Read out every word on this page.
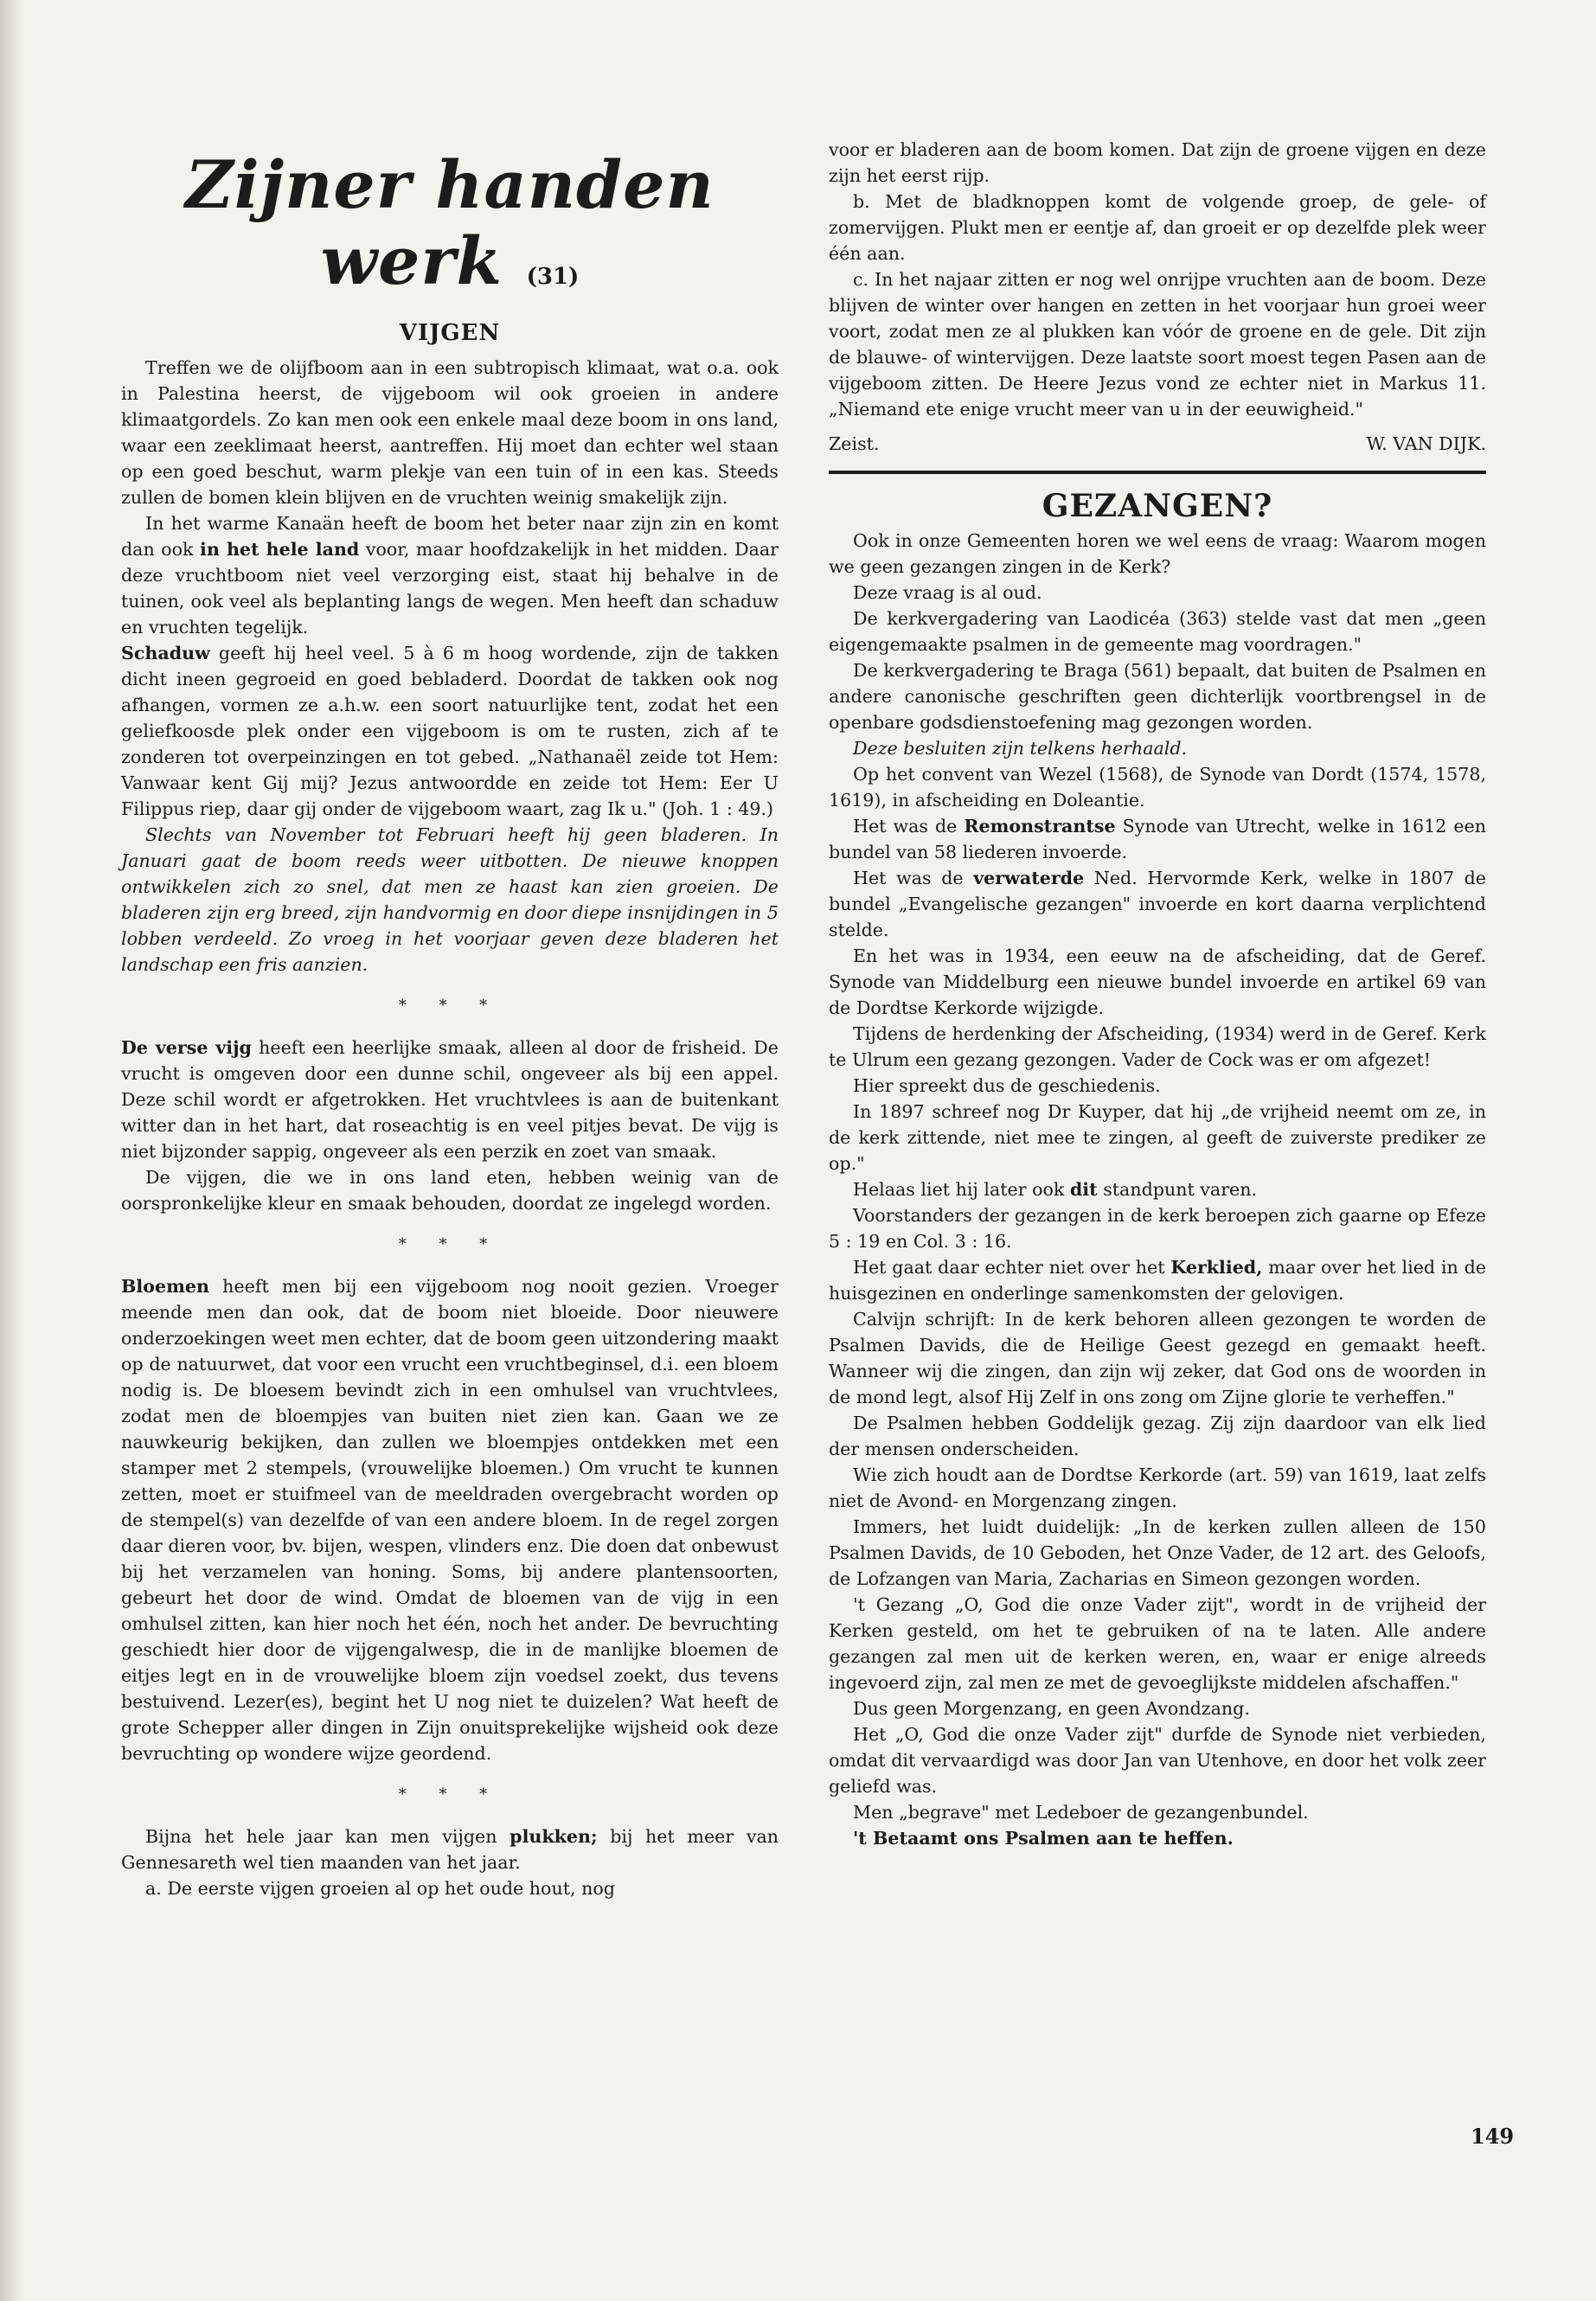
Zijner handen werk (31)
VIJGEN

Treffen we de olijfboom aan in een subtropisch klimaat, wat o.a. ook in Palestina heerst, de vijgeboom wil ook groeien in andere klimaatgordels. Zo kan men ook een enkele maal deze boom in ons land, waar een zeeklimaat heerst, aantreffen. Hij moet dan echter wel staan op een goed beschut, warm plekje van een tuin of in een kas. Steeds zullen de bomen klein blijven en de vruchten weinig smakelijk zijn.

In het warme Kanaän heeft de boom het beter naar zijn zin en komt dan ook in het hele land voor, maar hoofdzakelijk in het midden. Daar deze vruchtboom niet veel verzorging eist, staat hij behalve in de tuinen, ook veel als beplanting langs de wegen. Men heeft dan schaduw en vruchten tegelijk.

Schaduw geeft hij heel veel. 5 à 6 m hoog wordende, zijn de takken dicht ineen gegroeid en goed bebladerd. Doordat de takken ook nog afhangen, vormen ze a.h.w. een soort natuurlijke tent, zodat het een geliefkoosde plek onder een vijgeboom is om te rusten, zich af te zonderen tot overpeinzingen en tot gebed. „Nathanaël zeide tot Hem: Vanwaar kent Gij mij? Jezus antwoordde en zeide tot Hem: Eer U Filippus riep, daar gij onder de vijgeboom waart, zag Ik u." (Joh. 1 : 49.)

Slechts van November tot Februari heeft hij geen bladeren. In Januari gaat de boom reeds weer uitbotten. De nieuwe knoppen ontwikkelen zich zo snel, dat men ze haast kan zien groeien. De bladeren zijn erg breed, zijn handvormig en door diepe insnijdingen in 5 lobben verdeeld. Zo vroeg in het voorjaar geven deze bladeren het landschap een fris aanzien.

* * *

De verse vijg heeft een heerlijke smaak, alleen al door de frisheid. De vrucht is omgeven door een dunne schil, ongeveer als bij een appel. Deze schil wordt er afgetrokken. Het vruchtvlees is aan de buitenkant witter dan in het hart, dat roseachtig is en veel pitjes bevat. De vijg is niet bijzonder sappig, ongeveer als een perzik en zoet van smaak.

De vijgen, die we in ons land eten, hebben weinig van de oorspronkelijke kleur en smaak behouden, doordat ze ingelegd worden.

* * *

Bloemen heeft men bij een vijgeboom nog nooit gezien. Vroeger meende men dan ook, dat de boom niet bloeide. Door nieuwere onderzoekingen weet men echter, dat de boom geen uitzondering maakt op de natuurwet, dat voor een vrucht een vruchtbeginsel, d.i. een bloem nodig is. De bloesem bevindt zich in een omhulsel van vruchtvlees, zodat men de bloempjes van buiten niet zien kan. Gaan we ze nauwkeurig bekijken, dan zullen we bloempjes ontdekken met een stamper met 2 stempels, (vrouwelijke bloemen.) Om vrucht te kunnen zetten, moet er stuifmeel van de meeldraden overgebracht worden op de stempel(s) van dezelfde of van een andere bloem. In de regel zorgen daar dieren voor, bv. bijen, wespen, vlinders enz. Die doen dat onbewust bij het verzamelen van honing. Soms, bij andere plantensoorten, gebeurt het door de wind. Omdat de bloemen van de vijg in een omhulsel zitten, kan hier noch het één, noch het ander. De bevruchting geschiedt hier door de vijgengalwesp, die in de manlijke bloemen de eitjes legt en in de vrouwelijke bloem zijn voedsel zoekt, dus tevens bestuivend. Lezer(es), begint het U nog niet te duizelen? Wat heeft de grote Schepper aller dingen in Zijn onuitsprekelijke wijsheid ook deze bevruchting op wondere wijze geordend.

* * *

Bijna het hele jaar kan men vijgen plukken; bij het meer van Gennesareth wel tien maanden van het jaar.

a. De eerste vijgen groeien al op het oude hout, nog

voor er bladeren aan de boom komen. Dat zijn de groene vijgen en deze zijn het eerst rijp.

b. Met de bladknoppen komt de volgende groep, de gele- of zomervijgen. Plukt men er eentje af, dan groeit er op dezelfde plek weer één aan.

c. In het najaar zitten er nog wel onrijpe vruchten aan de boom. Deze blijven de winter over hangen en zetten in het voorjaar hun groei weer voort, zodat men ze al plukken kan vóór de groene en de gele. Dit zijn de blauwe- of wintervijgen. Deze laatste soort moest tegen Pasen aan de vijgeboom zitten. De Heere Jezus vond ze echter niet in Markus 11. „Niemand ete enige vrucht meer van u in der eeuwigheid."

Zeist.	W. VAN DIJK.
GEZANGEN?

Ook in onze Gemeenten horen we wel eens de vraag: Waarom mogen we geen gezangen zingen in de Kerk?

Deze vraag is al oud.

De kerkvergadering van Laodicéa (363) stelde vast dat men „geen eigengemaakte psalmen in de gemeente mag voordragen."

De kerkvergadering te Braga (561) bepaalt, dat buiten de Psalmen en andere canonische geschriften geen dichterlijk voortbrengsel in de openbare godsdienstoefening mag gezongen worden.

Deze besluiten zijn telkens herhaald.

Op het convent van Wezel (1568), de Synode van Dordt (1574, 1578, 1619), in afscheiding en Doleantie.

Het was de Remonstrantse Synode van Utrecht, welke in 1612 een bundel van 58 liederen invoerde.

Het was de verwaterde Ned. Hervormde Kerk, welke in 1807 de bundel „Evangelische gezangen" invoerde en kort daarna verplichtend stelde.

En het was in 1934, een eeuw na de afscheiding, dat de Geref. Synode van Middelburg een nieuwe bundel invoerde en artikel 69 van de Dordtse Kerkorde wijzigde.

Tijdens de herdenking der Afscheiding, (1934) werd in de Geref. Kerk te Ulrum een gezang gezongen. Vader de Cock was er om afgezet!

Hier spreekt dus de geschiedenis.

In 1897 schreef nog Dr Kuyper, dat hij „de vrijheid neemt om ze, in de kerk zittende, niet mee te zingen, al geeft de zuiverste prediker ze op."

Helaas liet hij later ook dit standpunt varen.

Voorstanders der gezangen in de kerk beroepen zich gaarne op Efeze 5 : 19 en Col. 3 : 16.

Het gaat daar echter niet over het Kerklied, maar over het lied in de huisgezinen en onderlinge samenkomsten der gelovigen.

Calvijn schrijft: In de kerk behoren alleen gezongen te worden de Psalmen Davids, die de Heilige Geest gezegd en gemaakt heeft. Wanneer wij die zingen, dan zijn wij zeker, dat God ons de woorden in de mond legt, alsof Hij Zelf in ons zong om Zijne glorie te verheffen."

De Psalmen hebben Goddelijk gezag. Zij zijn daardoor van elk lied der mensen onderscheiden.

Wie zich houdt aan de Dordtse Kerkorde (art. 59) van 1619, laat zelfs niet de Avond- en Morgenzang zingen.

Immers, het luidt duidelijk: „In de kerken zullen alleen de 150 Psalmen Davids, de 10 Geboden, het Onze Vader, de 12 art. des Geloofs, de Lofzangen van Maria, Zacharias en Simeon gezongen worden.

't Gezang „O, God die onze Vader zijt", wordt in de vrijheid der Kerken gesteld, om het te gebruiken of na te laten. Alle andere gezangen zal men uit de kerken weren, en, waar er enige alreeds ingevoerd zijn, zal men ze met de gevoeglijkste middelen afschaffen."

Dus geen Morgenzang, en geen Avondzang.

Het „O, God die onze Vader zijt" durfde de Synode niet verbieden, omdat dit vervaardigd was door Jan van Utenhove, en door het volk zeer geliefd was.

Men „begrave" met Ledeboer de gezangenbundel.

't Betaamt ons Psalmen aan te heffen.

149
